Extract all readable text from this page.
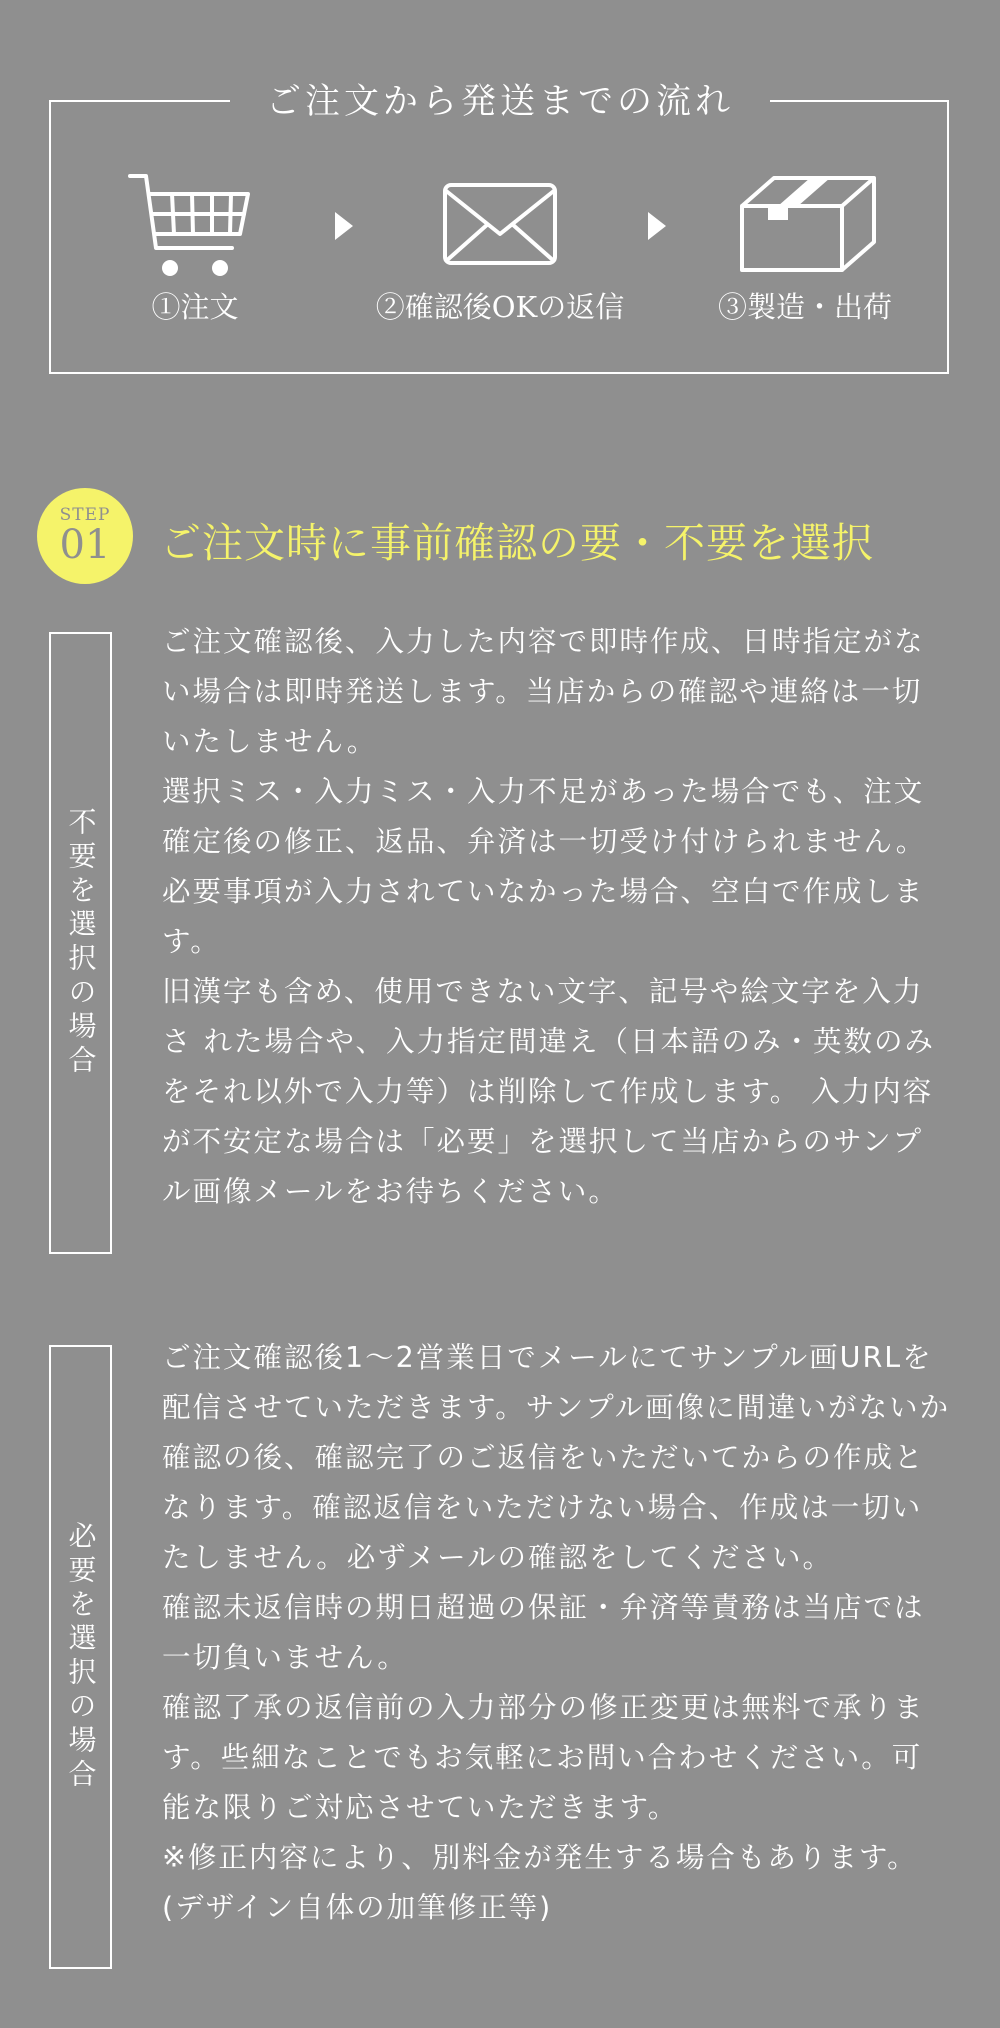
ご注文から発送までの流れ
①注文	②確認後OKの返信	③製造・出荷
STEP
01	ご注文時に事前確認の要・不要を選択
不要を選択の場合

ご注文確認後、入力した内容で即時作成、日時指定がない場合は即時発送します。当店からの確認や連絡は一切いたしません。

選択ミス・入力ミス・入力不足があった場合でも、注文確定後の修正、返品、弁済は一切受け付けられません。

必要事項が入力されていなかった場合、空白で作成します。

旧漢字も含め、使用できない文字、記号や絵文字を入力さ れた場合や、入力指定間違え（日本語のみ・英数のみをそれ以外で入力等）は削除して作成します。 入力内容が不安定な場合は「必要」を選択して当店からのサンプル画像メールをお待ちください。

必要を選択の場合

ご注文確認後1〜2営業日でメールにてサンプル画URLを配信させていただきます。サンプル画像に間違いがないか確認の後、確認完了のご返信をいただいてからの作成となります。確認返信をいただけない場合、作成は一切いたしません。必ずメールの確認をしてください。

確認未返信時の期日超過の保証・弁済等責務は当店では一切負いません。

確認了承の返信前の入力部分の修正変更は無料で承ります。些細なことでもお気軽にお問い合わせください。可能な限りご対応させていただきます。

※修正内容により、別料金が発生する場合もあります。(デザイン自体の加筆修正等)
